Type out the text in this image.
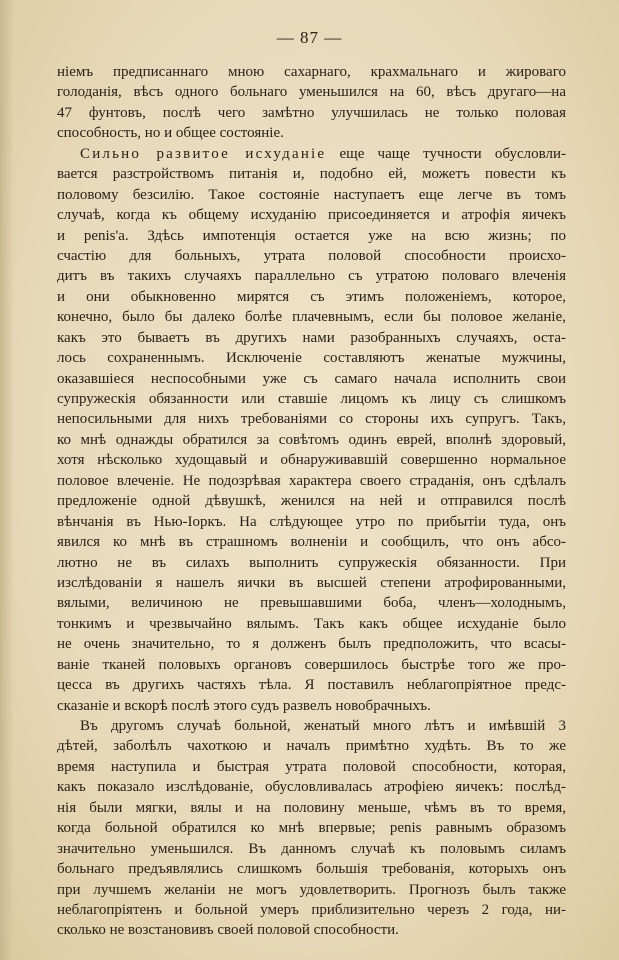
— 87 —
ніемъ предписаннаго мною сахарнаго, крахмальнаго и жироваго
голоданія, вѣсъ одного больнаго уменьшился на 60, вѣсъ другаго—на
47 фунтовъ, послѣ чего замѣтно улучшилась не только половая
способность, но и общее состояніе.
Сильно развитое исхуданіе еще чаще тучности обусловли-
вается разстройствомъ питанія и, подобно ей, можетъ повести къ
половому безсилію. Такое состояніе наступаетъ еще легче въ томъ
случаѣ, когда къ общему исхуданію присоединяется и атрофія яичекъ
и penis'а. Здѣсь импотенція остается уже на всю жизнь; по
счастію для больныхъ, утрата половой способности происхо-
дитъ въ такихъ случаяхъ параллельно съ утратою половаго влеченія
и они обыкновенно мирятся съ этимъ положеніемъ, которое,
конечно, было бы далеко болѣе плачевнымъ, если бы половое желаніе,
какъ это бываетъ въ другихъ нами разобранныхъ случаяхъ, оста-
лось сохраненнымъ. Исключеніе составляютъ женатые мужчины,
оказавшіеся неспособными уже съ самаго начала исполнить свои
супружескія обязанности или ставшіе лицомъ къ лицу съ слишкомъ
непосильными для нихъ требованіями со стороны ихъ супругъ. Такъ,
ко мнѣ однажды обратился за совѣтомъ одинъ еврей, вполнѣ здоровый,
хотя нѣсколько худощавый и обнаруживавшій совершенно нормальное
половое влеченіе. Не подозрѣвая характера своего страданія, онъ сдѣлалъ
предложеніе одной дѣвушкѣ, женился на ней и отправился послѣ
вѣнчанія въ Нью-Іоркъ. На слѣдующее утро по прибытіи туда, онъ
явился ко мнѣ въ страшномъ волненіи и сообщилъ, что онъ абсо-
лютно не въ силахъ выполнить супружескія обязанности. При
изслѣдованіи я нашелъ яички въ высшей степени атрофированными,
вялыми, величиною не превышавшими боба, членъ—холоднымъ,
тонкимъ и чрезвычайно вялымъ. Такъ какъ общее исхуданіе было
не очень значительно, то я долженъ былъ предположить, что всасы-
ваніе тканей половыхъ органовъ совершилось быстрѣе того же про-
цесса въ другихъ частяхъ тѣла. Я поставилъ неблагопріятное предс-
сказаніе и вскорѣ послѣ этого судъ развелъ новобрачныхъ.
Въ другомъ случаѣ больной, женатый много лѣтъ и имѣвшій 3
дѣтей, заболѣлъ чахоткою и началъ примѣтно худѣть. Въ то же
время наступила и быстрая утрата половой способности, которая,
какъ показало изслѣдованіе, обусловливалась атрофіею яичекъ: послѣд-
нія были мягки, вялы и на половину меньше, чѣмъ въ то время,
когда больной обратился ко мнѣ впервые; penis равнымъ образомъ
значительно уменьшился. Въ данномъ случаѣ къ половымъ силамъ
больнаго предъявлялись слишкомъ большія требованія, которыхъ онъ
при лучшемъ желаніи не могъ удовлетворить. Прогнозъ былъ также
неблагопріятенъ и больной умеръ приблизительно черезъ 2 года, ни-
сколько не возстановивъ своей половой способности.
